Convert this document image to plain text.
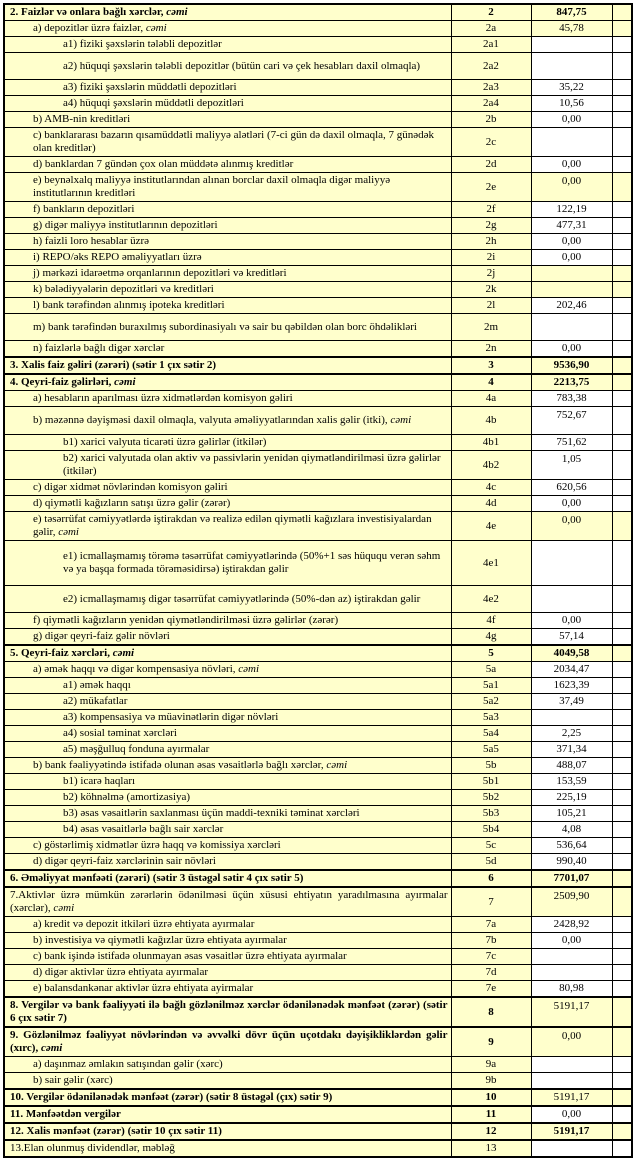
2. Faizlər və onlara bağlı xərclər, cəmi	2	847,75	
a) depozitlər üzrə faizlər, cəmi	2a	45,78	
a1) fiziki şəxslərin tələbli depozitlər	2a1		
a2) hüquqi şəxslərin tələbli depozitlər (bütün cari və çek hesabları daxil olmaqla)	2a2		
a3) fiziki şəxslərin müddətli depozitləri	2a3	35,22	
a4) hüquqi şəxslərin müddətli depozitləri	2a4	10,56	
b) AMB-nin kreditləri	2b	0,00	
c) banklararası bazarın qısamüddətli maliyyə alətləri (7-ci gün də daxil olmaqla, 7 günədək olan kreditlər)	2c		
d) banklardan 7 gündən çox olan müddətə alınmış kreditlər	2d	0,00	
e) beynəlxalq maliyyə institutlarından alınan borclar daxil olmaqla digər maliyyə institutlarının kreditləri	2e	0,00	
f) bankların depozitləri	2f	122,19	
g) digər maliyyə institutlarının depozitləri	2g	477,31	
h) faizli loro hesablar üzrə	2h	0,00	
i) REPO/əks REPO əməliyyatları üzrə	2i	0,00	
j) mərkəzi idarəetmə orqanlarının depozitləri və kreditləri	2j		
k) bələdiyyələrin depozitləri və kreditləri	2k		
l) bank tərəfindən alınmış ipoteka kreditləri	2l	202,46	
m) bank tərəfindən buraxılmış subordinasiyalı və sair bu qəbildən olan borc öhdəlikləri	2m		
n) faizlərlə bağlı digər xərclər	2n	0,00	
3. Xalis faiz gəliri (zərəri) (sətir 1 çıx sətir 2)	3	9536,90	
4. Qeyri-faiz gəlirləri, cəmi	4	2213,75	
a) hesabların aparılması üzrə xidmətlərdən komisyon gəliri	4a	783,38	
b) məzənnə dəyişməsi daxil olmaqla, valyuta əməliyyatlarından xalis gəlir (itki), cəmi	4b	752,67	
b1) xarici valyuta ticarəti üzrə gəlirlər (itkilər)	4b1	751,62	
b2) xarici valyutada olan aktiv və passivlərin yenidən qiymətləndirilməsi üzrə gəlirlər (itkilər)	4b2	1,05	
c) digər xidmət növlərindən komisyon gəliri	4c	620,56	
d) qiymətli kağızların satışı üzrə gəlir (zərər)	4d	0,00	
e) təsərrüfat cəmiyyətlərdə iştirakdan və realizə edilən qiymətli kağızlara investisiyalardan gəlir, cəmi	4e	0,00	
e1) icmallaşmamış törəmə təsərrüfat cəmiyyətlərində (50%+1 səs hüququ verən səhm və ya başqa formada törəməsidirsə) iştirakdan gəlir	4e1		
e2) icmallaşmamış digər təsərrüfat cəmiyyətlərində (50%-dən az) iştirakdan gəlir	4e2		
f) qiymətli kağızların yenidən qiymətləndirilməsi üzrə gəlirlər (zərər)	4f	0,00	
g) digər qeyri-faiz gəlir növləri	4g	57,14	
5. Qeyri-faiz xərcləri, cəmi	5	4049,58	
a) əmək haqqı və digər kompensasiya növləri, cəmi	5a	2034,47	
a1) əmək haqqı	5a1	1623,39	
a2) mükafatlar	5a2	37,49	
a3) kompensasiya və müavinətlərin digər növləri	5a3		
a4) sosial təminat xərcləri	5a4	2,25	
a5) məşğulluq fonduna ayırmalar	5a5	371,34	
b) bank fəaliyyətində istifadə olunan əsas vəsaitlərlə bağlı xərclər, cəmi	5b	488,07	
b1) icarə haqları	5b1	153,59	
b2) köhnəlmə (amortizasiya)	5b2	225,19	
b3) əsas vəsaitlərin saxlanması üçün maddi-texniki təminat xərcləri	5b3	105,21	
b4) əsas vəsaitlərlə bağlı sair xərclər	5b4	4,08	
c) göstərlimiş xidmətlər üzrə haqq və komissiya xərcləri	5c	536,64	
d) digər qeyri-faiz xərclərinin sair növləri	5d	990,40	
6. Əməliyyat mənfəəti (zərəri) (sətir 3 üstəgəl sətir 4 çıx sətir 5)	6	7701,07	
7.Aktivlər üzrə mümkün zərərlərin ödənilməsi üçün xüsusi ehtiyatın yaradılmasına ayırmalar (xərclər), cəmi	7	2509,90	
a) kredit və depozit itkiləri üzrə ehtiyata ayırmalar	7a	2428,92	
b) investisiya və qiymətli kağızlar üzrə ehtiyata ayırmalar	7b	0,00	
c) bank işində istifadə olunmayan əsas vəsaitlər üzrə ehtiyata ayırmalar	7c		
d) digər aktivlər üzrə ehtiyata ayırmalar	7d		
e) balansdankənar aktivlər üzrə ehtiyata ayirmalar	7e	80,98	
8. Vergilər və bank fəaliyyəti ilə bağlı gözlənilməz xərclər ödənilənədək mənfəət (zərər) (sətir 6 çıx sətir 7)	8	5191,17	
9. Gözlənilməz fəaliyyət növlərindən və əvvəlki dövr üçün uçotdakı dəyişikliklərdən gəlir (xırc), cəmi	9	0,00	
a) daşınmaz əmlakın satışından gəlir (xərc)	9a		
b) sair gəlir (xərc)	9b		
10. Vergilər ödənilənədək mənfəət (zərər) (sətir 8 üstəgəl (çıx) sətir 9)	10	5191,17	
11. Mənfəətdən vergilər	11	0,00	
12. Xalis mənfəət (zərər) (sətir 10 çıx sətir 11)	12	5191,17	
13.Elan olunmuş dividendlər, məbləğ	13		
